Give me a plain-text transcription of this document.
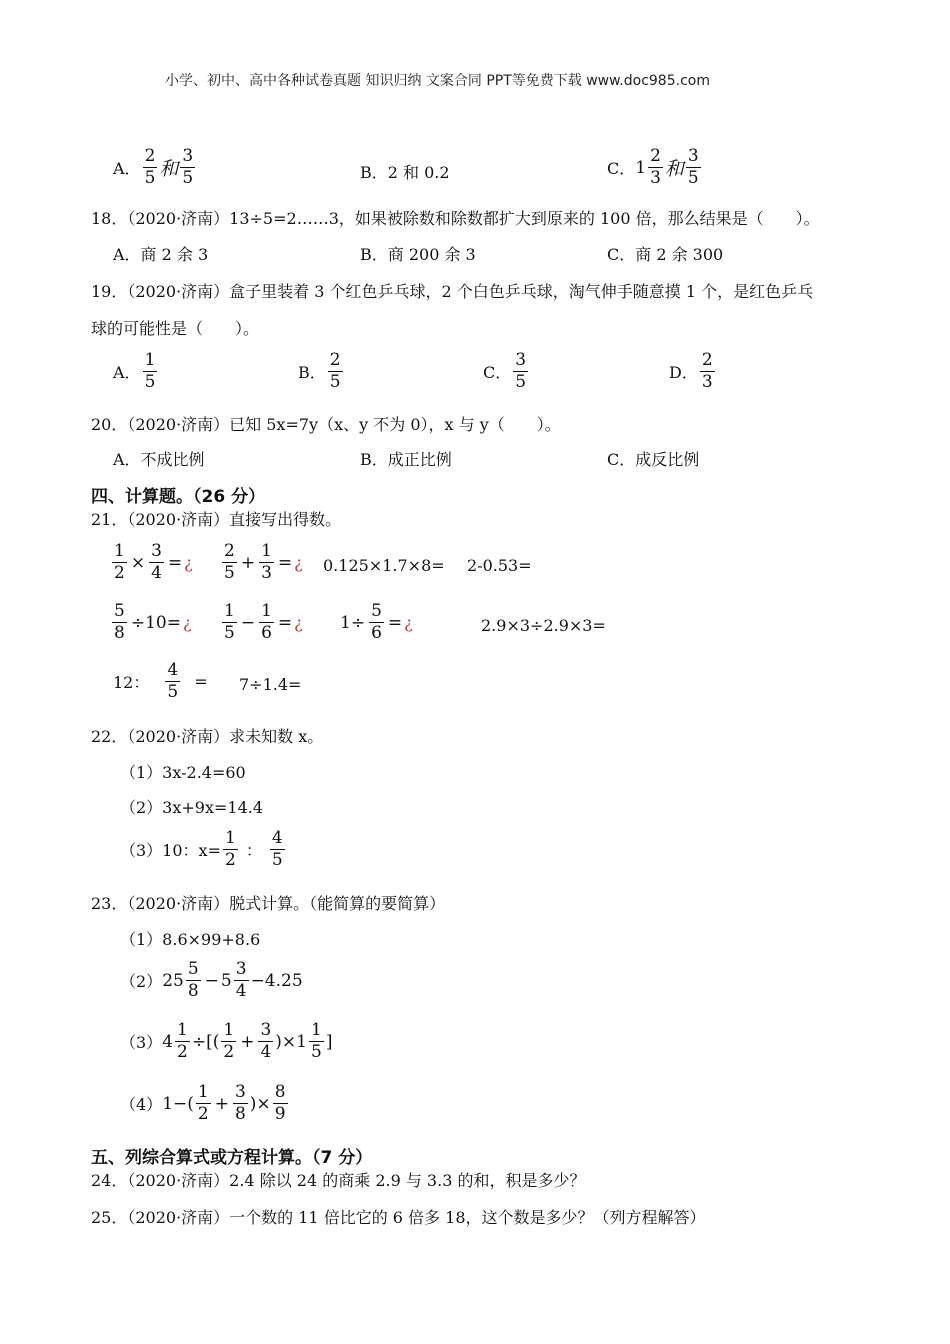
小学、初中、高中各种试卷真题 知识归纳 文案合同 PPT等免费下载 www.doc985.com
A． $\frac{2}{5}$ 和 $\frac{3}{5}$	B．2 和 0.2	C． $1 \frac{2}{3}$ 和 $\frac{3}{5}$
18．（2020·济南）13÷5=2……3，如果被除数和除数都扩大到原来的 100 倍，那么结果是（　　）。
A．商 2 余 3	B．商 200 余 3	C．商 2 余 300
19．（2020·济南）盒子里装着 3 个红色乒乓球，2 个白色乒乓球，淘气伸手随意摸 1 个，是红色乒乓
球的可能性是（　　）。
A． $\frac{1}{5}$	B． $\frac{2}{5}$	C． $\frac{3}{5}$	D． $\frac{2}{3}$
20．（2020·济南）已知 5x=7y（x、y 不为 0），x 与 y（　　）。
A．不成比例	B．成正比例	C．成反比例
四、计算题。（26 分）
21．（2020·济南）直接写出得数。
$\frac{1}{2} \times \frac{3}{4}$ = ¿ $\frac{2}{5} + \frac{1}{3}$ = ¿ 0.125×1.7×8= 2-0.53=
$\frac{5}{8} \div 10=$ ¿ $\frac{1}{5} - \frac{1}{6}$ = ¿ $1\div \frac{5}{6}$ = ¿	2.9×3÷2.9×3=
12： $\frac{4}{5} = 7\div 1.4=$
22．（2020·济南）求未知数 x。
（1）3x-2.4=60
（2）3x+9x=14.4
（3）10：$x= \frac{1}{2}$ ： $\frac{4}{5}$
23．（2020·济南）脱式计算。（能简算的要简算）
（1）8.6×99+8.6
（2） $25 \frac{5}{8} - 5 \frac{3}{4} -4.25$
（3） $4 \frac{1}{2}$ ÷[( $\frac{1}{2} + \frac{3}{4}$ )× $1 \frac{1}{5}$ ]
（4） 1− ( $\frac{1}{2} + \frac{3}{8}$ )× $\frac{8}{9}$
五、列综合算式或方程计算。（7 分）
24．（2020·济南）2.4 除以 24 的商乘 2.9 与 3.3 的和，积是多少？
25．（2020·济南）一个数的 11 倍比它的 6 倍多 18，这个数是多少？（列方程解答）
